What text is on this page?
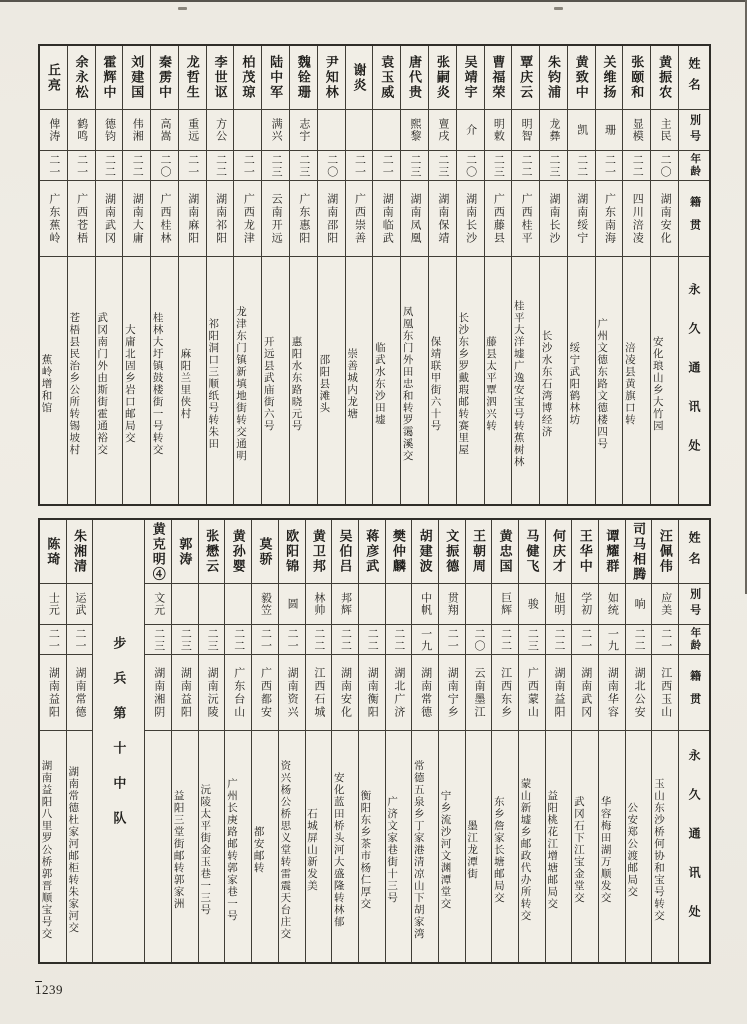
丘亮
俾涛
二一
广东蕉岭
蕉岭增和馆
余永松
鹤鸣
二一
广西苍梧
苍梧县民治乡公所转锡坡村
霍辉中
德钧
二二
湖南武冈
武冈南门外由斯街霍通裕交
刘建国
伟湘
二二
湖南大庸
大庸北固乡岩口邮局交
秦雳中
高嵩
二〇
广西桂林
桂林大圩镇鼓楼街一号转交
龙哲生
重远
二一
湖南麻阳
麻阳兰里侠村
李世讴
方公
二二
湖南祁阳
祁阳洞口三顺纸号转朱田
柏茂琼
二一
广西龙津
龙津东门镇新填地街转交通明
陆中军
满兴
二三
云南开远
开远县武庙街六号
魏铨珊
志宇
二三
广东惠阳
惠阳水东路晓元号
尹知林
二〇
湖南邵阳
邵阳县滩头
谢炎
二一
广西崇善
崇善城内龙塘
袁玉威
二一
湖南临武
临武水东沙田墟
唐代贵
熙黎
二三
湖南凤凰
凤凰东门外田忠和转罗霭溪交
张嗣炎
亶戌
二三
湖南保靖
保靖联甲街六十号
吴靖宇
介
二〇
湖南长沙
长沙东乡罗戴瑕邮转赛里屋
曹福荣
明敕
二三
广西藤县
藤县太平覃泗兴转
覃庆云
明智
二二
广西桂平
桂平大洋墟广逸安宝号转蕉树林
朱钧浦
龙彝
二三
湖南长沙
长沙水东石湾博经济
黄致中
凯
二二
湖南绥宁
绥宁武阳鹤林坊
关维扬
珊
二一
广东南海
广州文德东路文德楼四号
张颐和
显模
二二
四川涪凌
涪凌县黄旗口转
黄振农
主民
二〇
湖南安化
安化琅山乡大竹园
姓名
別号
年龄
籍贯
永久通讯处
陈琦
士元
二一
湖南益阳
湖南益阳八里罗公桥郭晋顺宝号交
朱湘清
运武
二一
湖南常德
湖南常德杜家河邮柜转朱家河交
步兵第十中队
黄克明④
文元
二三
湖南湘阴
郭涛
二三
湖南益阳
益阳三堂街邮转郭家洲
张懋云
二三
湖南沅陵
沅陵太平街金玉巷一三号
黄孙婴
二二
广东台山
广州长庚路邮转郭家巷一号
莫骄
毅笠
二一
广西都安
都安邮转
欧阳锦
圆
二一
湖南资兴
资兴杨公桥思义堂转雷震天台庄交
黄卫邦
林帅
二二
江西石城
石城屏山新发美
吴伯吕
邦辉
二二
湖南安化
安化蓝田桥头河大盛隆转林郁
蒋彦武
二二
湖南衡阳
衡阳东乡茶市杨仁厚交
樊仲麟
二二
湖北广济
广济文家巷街十三号
胡建波
中帆
一九
湖南常德
常德五泉乡丁家港清凉山下胡家湾
文振德
贯翔
二一
湖南宁乡
宁乡流沙河文渊潭堂交
王朝周
二〇
云南墨江
墨江龙潭街
黄忠国
巨辉
二二
江西东乡
东乡詹家长塘邮局交
马健飞
骏
二三
广西蒙山
蒙山新墟乡邮政代办所转交
何庆才
旭明
二二
湖南益阳
益阳桃花江增塘邮局交
王华中
学初
二一
湖南武冈
武冈石下江宝金堂交
谭耀群
如统
一九
湖南华容
华容梅田湖万顺发交
司马相腾
响
二二
湖北公安
公安郑公渡邮局交
汪佩伟
应美
二一
江西玉山
玉山东沙桥何协和宝号转交
姓名
別号
年龄
籍贯
永久通讯处
1239
